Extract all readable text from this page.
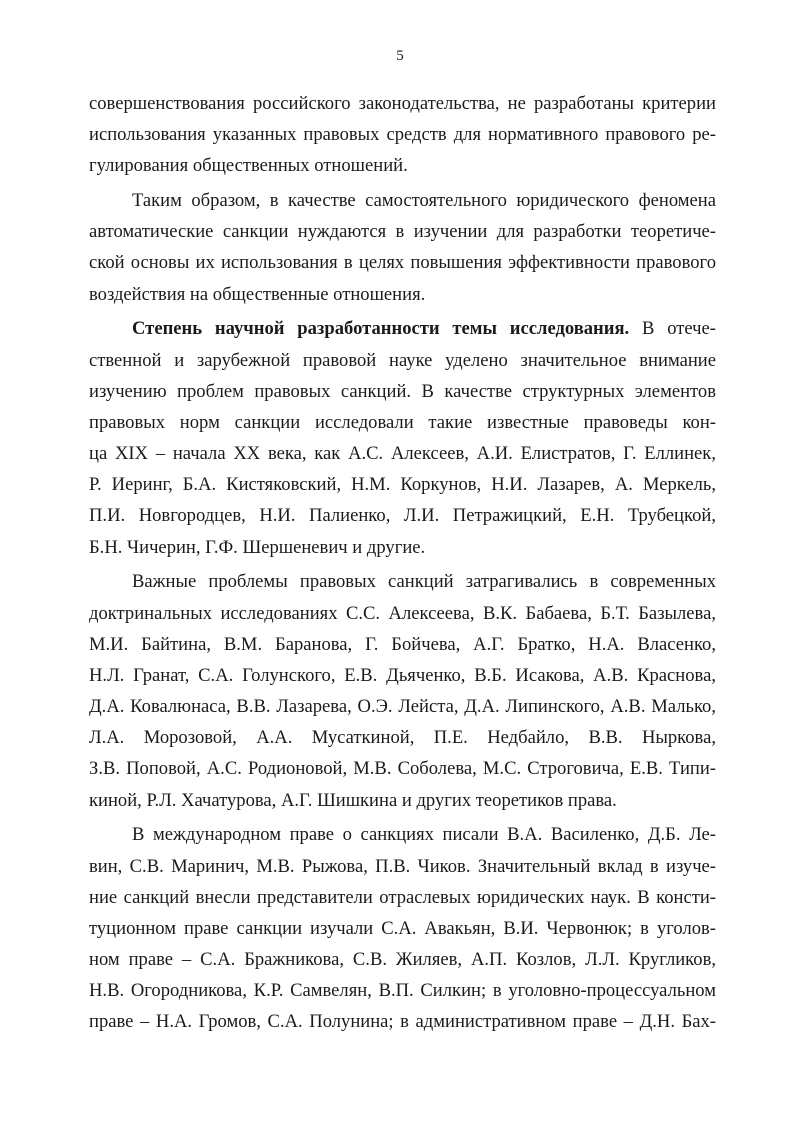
5
совершенствования российского законодательства, не разработаны критерии
использования указанных правовых средств для нормативного правового ре-
гулирования общественных отношений.
Таким образом, в качестве самостоятельного юридического феномена
автоматические санкции нуждаются в изучении для разработки теоретиче-
ской основы их использования в целях повышения эффективности правового
воздействия на общественные отношения.
Степень научной разработанности темы исследования. В отече-
ственной и зарубежной правовой науке уделено значительное внимание
изучению проблем правовых санкций. В качестве структурных элементов
правовых норм санкции исследовали такие известные правоведы кон-
ца XIX – начала XX века, как А.С. Алексеев, А.И. Елистратов, Г. Еллинек,
Р. Иеринг, Б.А. Кистяковский, Н.М. Коркунов, Н.И. Лазарев, А. Меркель,
П.И. Новгородцев, Н.И. Палиенко, Л.И. Петражицкий, Е.Н. Трубецкой,
Б.Н. Чичерин, Г.Ф. Шершеневич и другие.
Важные проблемы правовых санкций затрагивались в современных
доктринальных исследованиях С.С. Алексеева, В.К. Бабаева, Б.Т. Базылева,
М.И. Байтина, В.М. Баранова, Г. Бойчева, А.Г. Братко, Н.А. Власенко,
Н.Л. Гранат, С.А. Голунского, Е.В. Дьяченко, В.Б. Исакова, А.В. Краснова,
Д.А. Ковалюнаса, В.В. Лазарева, О.Э. Лейста, Д.А. Липинского, А.В. Малько,
Л.А. Морозовой, А.А. Мусаткиной, П.Е. Недбайло, В.В. Ныркова,
З.В. Поповой, А.С. Родионовой, М.В. Соболева, М.С. Строговича, Е.В. Типи-
киной, Р.Л. Хачатурова, А.Г. Шишкина и других теоретиков права.
В международном праве о санкциях писали В.А. Василенко, Д.Б. Ле-
вин, С.В. Маринич, М.В. Рыжова, П.В. Чиков. Значительный вклад в изуче-
ние санкций внесли представители отраслевых юридических наук. В консти-
туционном праве санкции изучали С.А. Авакьян, В.И. Червонюк; в уголов-
ном праве – С.А. Бражникова, С.В. Жиляев, А.П. Козлов, Л.Л. Кругликов,
Н.В. Огородникова, К.Р. Самвелян, В.П. Силкин; в уголовно-процессуальном
праве – Н.А. Громов, С.А. Полунина; в административном праве – Д.Н. Бах-
